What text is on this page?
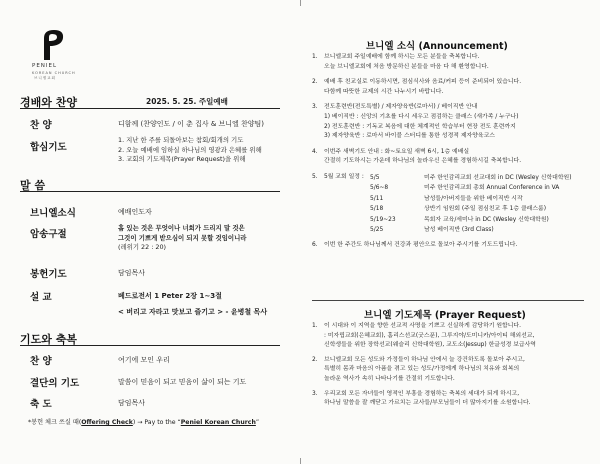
PENIEL
KOREAN CHURCH
브니엘교회
경배와 찬양	2025. 5. 25. 주일예배
찬 양	디함께 (찬양인도 / 이 춘 집사 & 브니엘 찬양팀)
합심기도
1. 지난 한 주를 되돌아보는 참회/회개의 기도
2. 오늘 예배에 임하실 하나님의 영광과 은혜를 위해
3. 교회의 기도제목(Prayer Request)을 위해
말 씀
브니엘소식	예배인도자
암송구절
홉 있는 것은 무엇이나 너희가 드리지 말 것은
그것이 기쁘게 받으심이 되지 못할 것임이니라
(레위기 22 : 20)
봉헌기도	담임목사
설 교	베드로전서 1 Peter 2장 1~3절
< 버리고 자라고 맛보고 즐기고 > - 윤병철 목사
기도와 축복
찬 양	여기에 모인 우리
결단의 기도	말씀이 믿음이 되고 믿음이 삶이 되는 기도
축 도	담임목사
*봉헌 체크 쓰실 때(Offering Check) → Pay to the “Peniel Korean Church”
브니엘 소식 (Announcement)
1. 브니엘교회 주일예배에 함께 하시는 모든 분들을 축복합니다.
오늘 브니엘교회에 처음 방문하신 분들을 마음 다 해 환영합니다.
2. 예배 후 친교실로 이동하시면, 점심식사와 음료/커피 등이 준비되어 있습니다.
다함께 따뜻한 교제의 시간 나누시기 바랍니다.
3. 전도훈련반(전도특별) / 제자양육반(로마서) / 베이직반 안내
1) 베이직반 : 신앙의 기초를 다시 세우고 점검하는 클래스 (새가족 / 누구나)
2) 전도훈련반 : 기독교 복음에 대한 체계적인 학습부터 현장 전도 훈련까지
3) 제자양육반 : 로마서 바이블 스터디를 통한 성경적 제자양육코스
4. 이번주 새벽기도 안내 : 화~토요일 새벽 6시, 1층 예배실
간절히 기도하시는 가운데 하나님의 놀라우신 은혜를 경험하시길 축복합니다.
5. 5월 교회 일정 :	5/5	미주 한인감리교회 선교대회 in DC (Wesley 신학대학원)
5/6~8	미주 한인감리교회 총회 Annual Conference in VA
5/11	남성들/아버지들을 위한 베이직반 시작
5/18	상반기 임원회 (주일 점심친교 후 1층 클래스룸)
5/19~23	목회자 교육/세미나 in DC (Wesley 신학대학원)
5/25	남성 베이직반 (3rd Class)
6. 이번 한 주간도 하나님께서 건강과 평안으로 돌보아 주시기를 기도드립니다.
브니엘 기도제목 (Prayer Request)
1. 이 시대와 이 지역을 향한 선교적 사명을 기쁘고 신실하게 감당하기 원합니다.
: 미자립교회(은혜교회), 홈리스선교(굿스푼), 그루지야/도미니카/아이티 해외선교,
신학생들을 위한 장학선교(웨슬리 신학대학원), 교도소(Jessup) 한글성경 보급사역
2. 브니엘교회 모든 성도와 가정들이 하나님 안에서 늘 강건하도록 돌보아 주시고,
특별히 몸과 마음의 아픔을 겪고 있는 성도/가정에게 하나님의 치유와 회복의
놀라운 역사가 속히 나타나기를 간절히 기도합니다.
3. 우리교회 모든 자녀들이 영적인 부흥을 경험하는 축복의 세대가 되게 하시고,
하나님 말씀을 잘 깨닫고 가르치는 교사들/부모님들이 더 많아지기를 소원합니다.
